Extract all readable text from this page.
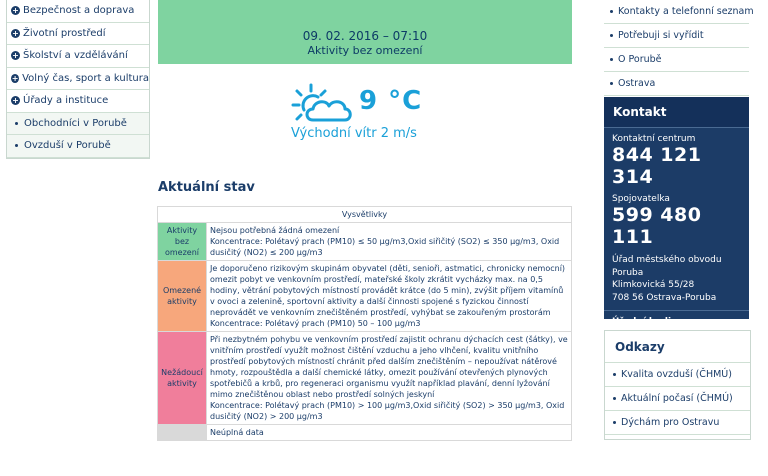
+ Bezpečnost a doprava
+ Životní prostředí
+ Školství a vzdělávání
+ Volný čas, sport a kultura
+ Úřady a instituce
Obchodníci v Porubě
Ovzduší v Porubě
09. 02. 2016 – 07:10
Aktivity bez omezení
9 °C
Východní vítr 2 m/s
Aktuální stav
Vysvětlivky	
Aktivity bez omezení	Nejsou potřebná žádná omezení
Koncentrace: Polétavý prach (PM10) ≤ 50 µg/m3,Oxid siřičitý (SO2) ≤ 350 µg/m3, Oxid dusičitý (NO2) ≤ 200 µg/m3

Omezené aktivity	Je doporučeno rizikovým skupinám obyvatel (děti, senioři, astmatici, chronicky nemocní) omezit pobyt ve venkovním prostředí, mateřské školy zkrátit vycházky max. na 0,5 hodiny, větrání pobytových místností provádět krátce (do 5 min), zvýšit příjem vitamínů v ovoci a zelenině, sportovní aktivity a další činnosti spojené s fyzickou činností neprovádět ve venkovním znečištěném prostředí, vyhýbat se zakouřeným prostorám
Koncentrace: Polétavý prach (PM10) 50 – 100 µg/m3

Nežádoucí aktivity	Při nezbytném pohybu ve venkovním prostředí zajistit ochranu dýchacích cest (šátky), ve vnitřním prostředí využít možnost čištění vzduchu a jeho vlhčení, kvalitu vnitřního prostředí pobytových místností chránit před dalším znečištěním – nepoužívat nátěrové hmoty, rozpouštědla a další chemické látky, omezit používání otevřených plynových spotřebičů a krbů, pro regeneraci organismu využít například plavání, denní lyžování mimo znečištěnou oblast nebo prostředí solných jeskyní
Koncentrace: Polétavý prach (PM10) > 100 µg/m3,Oxid siřičitý (SO2) > 350 µg/m3, Oxid dusičitý (NO2) > 200 µg/m3

	Neúplná data
Kontakty a telefonní seznam
Potřebuji si vyřídit
O Porubě
Ostrava
Kontakt
Kontaktní centrum
844 121 314
Spojovatelka
599 480 111
Úřad městského obvodu
Poruba
Klimkovická 55/28
708 56 Ostrava-Poruba
Úřední hodiny »
Odkazy
Kvalita ovzduší (ČHMÚ)
Aktuální počasí (ČHMÚ)
Dýchám pro Ostravu
